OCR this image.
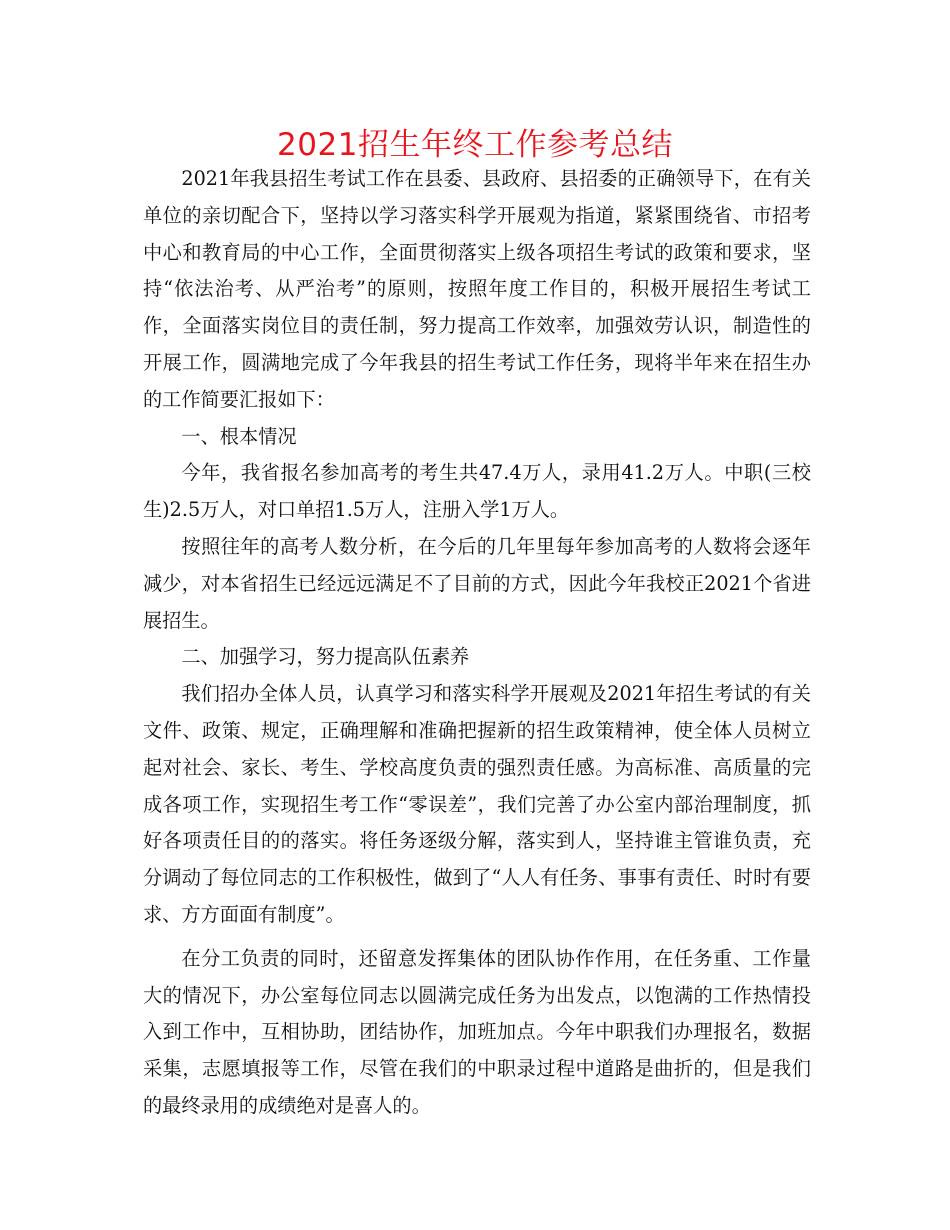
2021招生年终工作参考总结

2021年我县招生考试工作在县委、县政府、县招委的正确领导下，在有关单位的亲切配合下，坚持以学习落实科学开展观为指道，紧紧围绕省、市招考中心和教育局的中心工作，全面贯彻落实上级各项招生考试的政策和要求，坚持“依法治考、从严治考”的原则，按照年度工作目的，积极开展招生考试工作，全面落实岗位目的责任制，努力提高工作效率，加强效劳认识，制造性的开展工作，圆满地完成了今年我县的招生考试工作任务，现将半年来在招生办的工作简要汇报如下：

一、根本情况

今年，我省报名参加高考的考生共47.4万人，录用41.2万人。中职(三校生)2.5万人，对口单招1.5万人，注册入学1万人。

按照往年的高考人数分析，在今后的几年里每年参加高考的人数将会逐年减少，对本省招生已经远远满足不了目前的方式，因此今年我校正2021个省进展招生。

二、加强学习，努力提高队伍素养

我们招办全体人员，认真学习和落实科学开展观及2021年招生考试的有关文件、政策、规定，正确理解和准确把握新的招生政策精神，使全体人员树立起对社会、家长、考生、学校高度负责的强烈责任感。为高标准、高质量的完成各项工作，实现招生考工作“零误差”，我们完善了办公室内部治理制度，抓好各项责任目的的落实。将任务逐级分解，落实到人，坚持谁主管谁负责，充分调动了每位同志的工作积极性，做到了“人人有任务、事事有责任、时时有要求、方方面面有制度”。

在分工负责的同时，还留意发挥集体的团队协作作用，在任务重、工作量大的情况下，办公室每位同志以圆满完成任务为出发点，以饱满的工作热情投入到工作中，互相协助，团结协作，加班加点。今年中职我们办理报名，数据采集，志愿填报等工作，尽管在我们的中职录过程中道路是曲折的，但是我们的最终录用的成绩绝对是喜人的。
